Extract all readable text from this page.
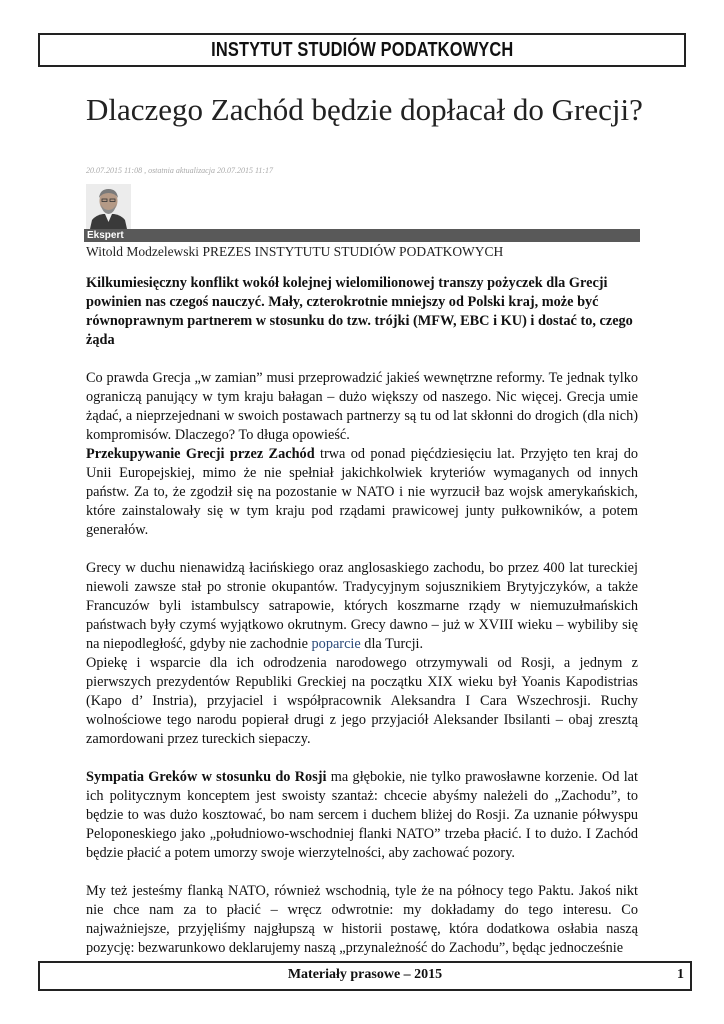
INSTYTUT STUDIÓW PODATKOWYCH
Dlaczego Zachód będzie dopłacał do Grecji?
20.07.2015 11:08 , ostatnia aktualizacja 20.07.2015 11:17
Ekspert
Witold Modzelewski PREZES INSTYTUTU STUDIÓW PODATKOWYCH

Kilkumiesięczny konflikt wokół kolejnej wielomilionowej transzy pożyczek dla Grecji powinien nas czegoś nauczyć. Mały, czterokrotnie mniejszy od Polski kraj, może być równoprawnym partnerem w stosunku do tzw. trójki (MFW, EBC i KU) i dostać to, czego żąda

Co prawda Grecja „w zamian” musi przeprowadzić jakieś wewnętrzne reformy. Te jednak tylko ograniczą panujący w tym kraju bałagan – dużo większy od naszego. Nic więcej. Grecja umie żądać, a nieprzejednani w swoich postawach partnerzy są tu od lat skłonni do drogich (dla nich) kompromisów. Dlaczego? To długa opowieść.

Przekupywanie Grecji przez Zachód trwa od ponad pięćdziesięciu lat. Przyjęto ten kraj do Unii Europejskiej, mimo że nie spełniał jakichkolwiek kryteriów wymaganych od innych państw. Za to, że zgodził się na pozostanie w NATO i nie wyrzucił baz wojsk amerykańskich, które zainstalowały się w tym kraju pod rządami prawicowej junty pułkowników, a potem generałów.

Grecy w duchu nienawidzą łacińskiego oraz anglosaskiego zachodu, bo przez 400 lat tureckiej niewoli zawsze stał po stronie okupantów. Tradycyjnym sojusznikiem Brytyjczyków, a także Francuzów byli istambulscy satrapowie, których koszmarne rządy w niemuzułmańskich państwach były czymś wyjątkowo okrutnym. Grecy dawno – już w XVIII wieku – wybiliby się na niepodległość, gdyby nie zachodnie poparcie dla Turcji.

Opiekę i wsparcie dla ich odrodzenia narodowego otrzymywali od Rosji, a jednym z pierwszych prezydentów Republiki Greckiej na początku XIX wieku był Yoanis Kapodistrias (Kapo d’ Instria), przyjaciel i współpracownik Aleksandra I Cara Wszechrosji. Ruchy wolnościowe tego narodu popierał drugi z jego przyjaciół Aleksander Ibsilanti – obaj zresztą zamordowani przez tureckich siepaczy.

Sympatia Greków w stosunku do Rosji ma głębokie, nie tylko prawosławne korzenie. Od lat ich politycznym konceptem jest swoisty szantaż: chcecie abyśmy należeli do „Zachodu”, to będzie to was dużo kosztować, bo nam sercem i duchem bliżej do Rosji. Za uznanie półwyspu Peloponeskiego jako „południowo-wschodniej flanki NATO” trzeba płacić. I to dużo. I Zachód będzie płacić a potem umorzy swoje wierzytelności, aby zachować pozory.

My też jesteśmy flanką NATO, również wschodnią, tyle że na północy tego Paktu. Jakoś nikt nie chce nam za to płacić – wręcz odwrotnie: my dokładamy do tego interesu. Co najważniejsze, przyjęliśmy najgłupszą w historii postawę, która dodatkowa osłabia naszą pozycję: bezwarunkowo deklarujemy naszą „przynależność do Zachodu”, będąc jednocześnie

Materiały prasowe – 2015	1
